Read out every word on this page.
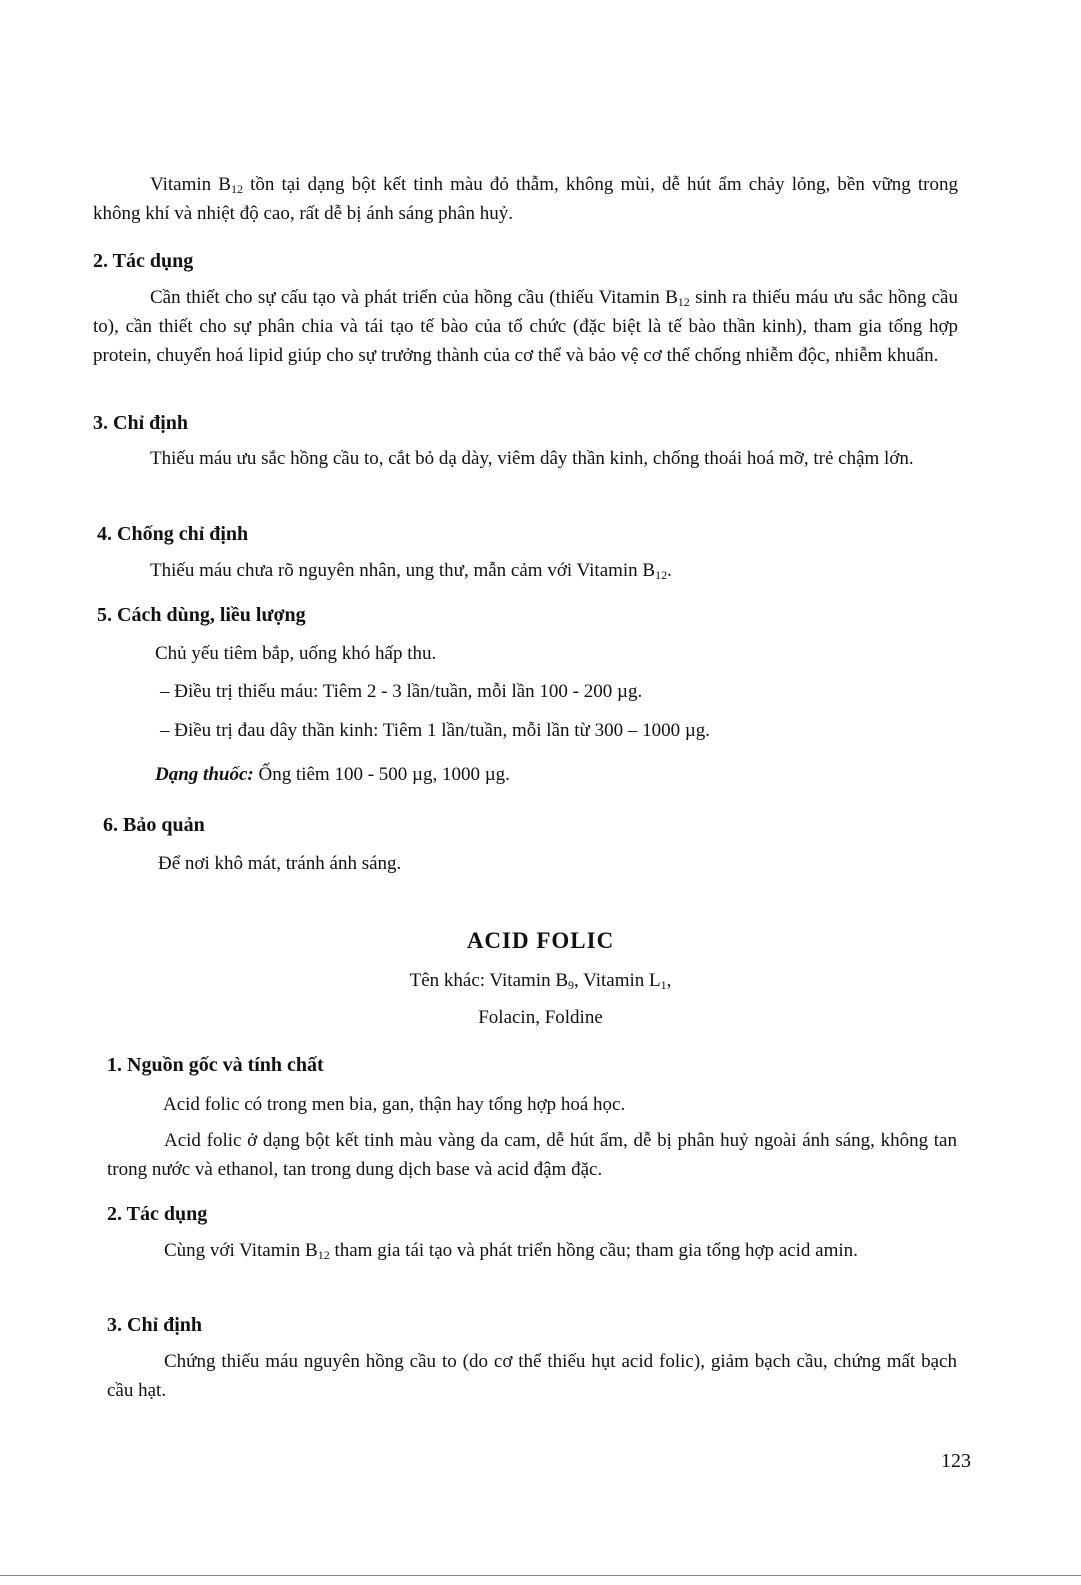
Vitamin $B_{12}$ tồn tại dạng bột kết tinh màu đỏ thẫm, không mùi, dễ hút ẩm chảy lỏng, bền vững trong không khí và nhiệt độ cao, rất dễ bị ánh sáng phân huỷ.

2. Tác dụng

Cần thiết cho sự cấu tạo và phát triển của hồng cầu (thiếu Vitamin $B_{12}$ sinh ra thiếu máu ưu sắc hồng cầu to), cần thiết cho sự phân chia và tái tạo tế bào của tổ chức (đặc biệt là tế bào thần kinh), tham gia tổng hợp protein, chuyển hoá lipid giúp cho sự trưởng thành của cơ thể và bảo vệ cơ thể chống nhiễm độc, nhiễm khuẩn.

3. Chỉ định

Thiếu máu ưu sắc hồng cầu to, cắt bỏ dạ dày, viêm dây thần kinh, chống thoái hoá mỡ, trẻ chậm lớn.

4. Chống chỉ định

Thiếu máu chưa rõ nguyên nhân, ung thư, mẫn cảm với Vitamin $B_{12}$.

5. Cách dùng, liều lượng

Chủ yếu tiêm bắp, uống khó hấp thu.

– Điều trị thiếu máu: Tiêm 2 - 3 lần/tuần, mỗi lần 100 - 200 µg.

– Điều trị đau dây thần kinh: Tiêm 1 lần/tuần, mỗi lần từ 300 – 1000 µg.

Dạng thuốc: Ống tiêm 100 - 500 µg, 1000 µg.

6. Bảo quản

Để nơi khô mát, tránh ánh sáng.

ACID FOLIC

Tên khác: Vitamin $B_9$, Vitamin $L_1$,

Folacin, Foldine

1. Nguồn gốc và tính chất

Acid folic có trong men bia, gan, thận hay tổng hợp hoá học.

Acid folic ở dạng bột kết tinh màu vàng da cam, dễ hút ẩm, dễ bị phân huỷ ngoài ánh sáng, không tan trong nước và ethanol, tan trong dung dịch base và acid đậm đặc.

2. Tác dụng

Cùng với Vitamin $B_{12}$ tham gia tái tạo và phát triển hồng cầu; tham gia tổng hợp acid amin.

3. Chỉ định

Chứng thiếu máu nguyên hồng cầu to (do cơ thể thiếu hụt acid folic), giảm bạch cầu, chứng mất bạch cầu hạt.

123
